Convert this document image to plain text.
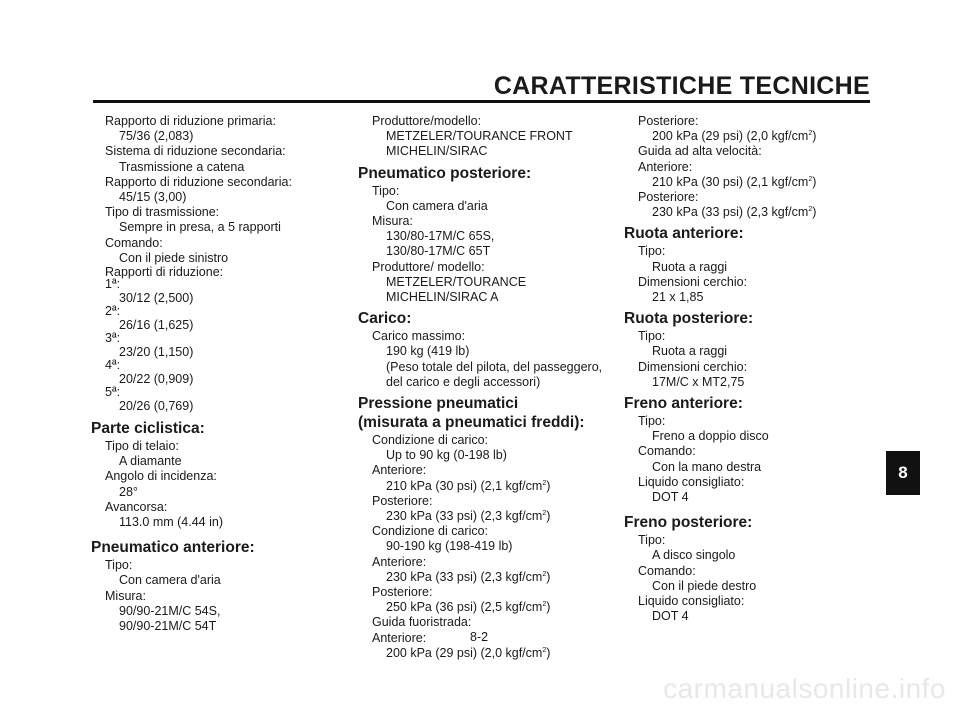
CARATTERISTICHE TECNICHE
Rapporto di riduzione primaria:
75/36 (2,083)
Sistema di riduzione secondaria:
Trasmissione a catena
Rapporto di riduzione secondaria:
45/15 (3,00)
Tipo di trasmissione:
Sempre in presa, a 5 rapporti
Comando:
Con il piede sinistro
Rapporti di riduzione:
1ª:
30/12 (2,500)
2ª:
26/16 (1,625)
3ª:
23/20 (1,150)
4ª:
20/22 (0,909)
5ª:
20/26 (0,769)
Parte ciclistica:
Tipo di telaio:
A diamante
Angolo di incidenza:
28°
Avancorsa:
113.0 mm (4.44 in)
Pneumatico anteriore:
Tipo:
Con camera d'aria
Misura:
90/90-21M/C 54S,
90/90-21M/C 54T
Produttore/modello:
METZELER/TOURANCE FRONT
MICHELIN/SIRAC
Pneumatico posteriore:
Tipo:
Con camera d'aria
Misura:
130/80-17M/C 65S,
130/80-17M/C 65T
Produttore/ modello:
METZELER/TOURANCE
MICHELIN/SIRAC A
Carico:
Carico massimo:
190 kg (419 lb)
(Peso totale del pilota, del passeggero,
del carico e degli accessori)
Pressione pneumatici
(misurata a pneumatici freddi):
Condizione di carico:
Up to 90 kg (0-198 lb)
Anteriore:
210 kPa (30 psi) (2,1 kgf/$cm^2$)
Posteriore:
230 kPa (33 psi) (2,3 kgf/$cm^2$)
Condizione di carico:
90-190 kg (198-419 lb)
Anteriore:
230 kPa (33 psi) (2,3 kgf/$cm^2$)
Posteriore:
250 kPa (36 psi) (2,5 kgf/$cm^2$)
Guida fuoristrada:
Anteriore:
200 kPa (29 psi) (2,0 kgf/$cm^2$)
Posteriore:
200 kPa (29 psi) (2,0 kgf/$cm^2$)
Guida ad alta velocità:
Anteriore:
210 kPa (30 psi) (2,1 kgf/$cm^2$)
Posteriore:
230 kPa (33 psi) (2,3 kgf/$cm^2$)
Ruota anteriore:
Tipo:
Ruota a raggi
Dimensioni cerchio:
21 x 1,85
Ruota posteriore:
Tipo:
Ruota a raggi
Dimensioni cerchio:
17M/C x MT2,75
Freno anteriore:
Tipo:
Freno a doppio disco
Comando:
Con la mano destra
Liquido consigliato:
DOT 4
Freno posteriore:
Tipo:
A disco singolo
Comando:
Con il piede destro
Liquido consigliato:
DOT 4
8-2
8
carmanualsonline.info
